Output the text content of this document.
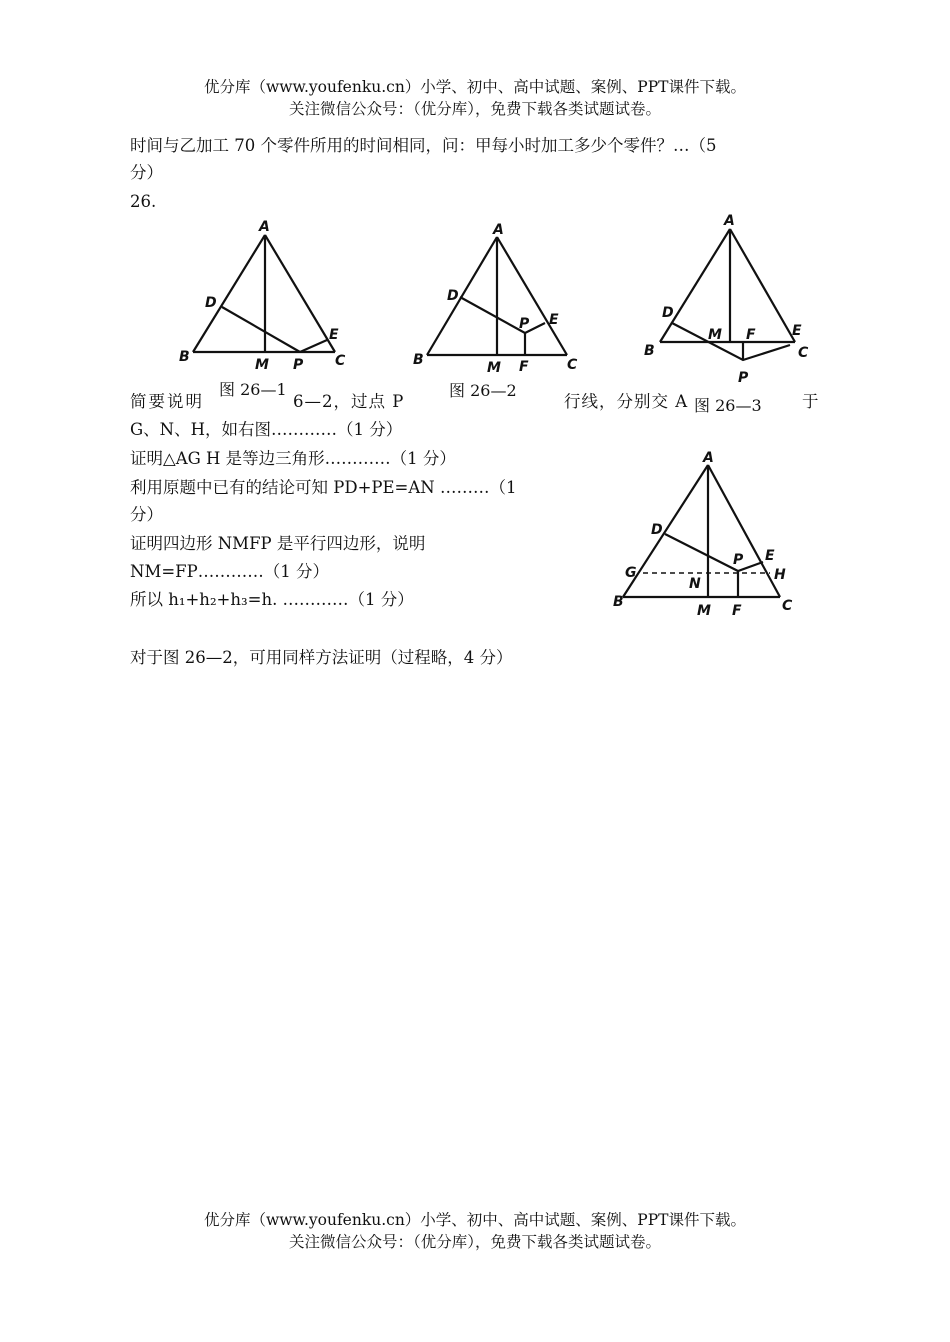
优分库（www.youfenku.cn）小学、初中、高中试题、案例、PPT课件下载。
关注微信公众号：（优分库），免费下载各类试题试卷。
时间与乙加工 70 个零件所用的时间相同，问：甲每小时加工多少个零件？…（5
分）
26.
A
B	C
D
E
M P
A
B	C
D
E
M F
P
A
B	C
D
E
M F
P
图 26—1	图 26—2
图 26—3
简要说明	6—2，过点 P	行线，分别交 A	于
G、N、H，如右图…………（1 分）
证明△AG H 是等边三角形…………（1 分）
利用原题中已有的结论可知 PD+PE=AN ………（1
分）
证明四边形 NMFP 是平行四边形，说明
NM=FP…………（1 分）
所以 h₁+h₂+h₃=h. …………（1 分）
对于图 26—2，可用同样方法证明（过程略，4 分）
A
B	C
D
E
G	H
N
P
M F
优分库（www.youfenku.cn）小学、初中、高中试题、案例、PPT课件下载。
关注微信公众号：（优分库），免费下载各类试题试卷。
